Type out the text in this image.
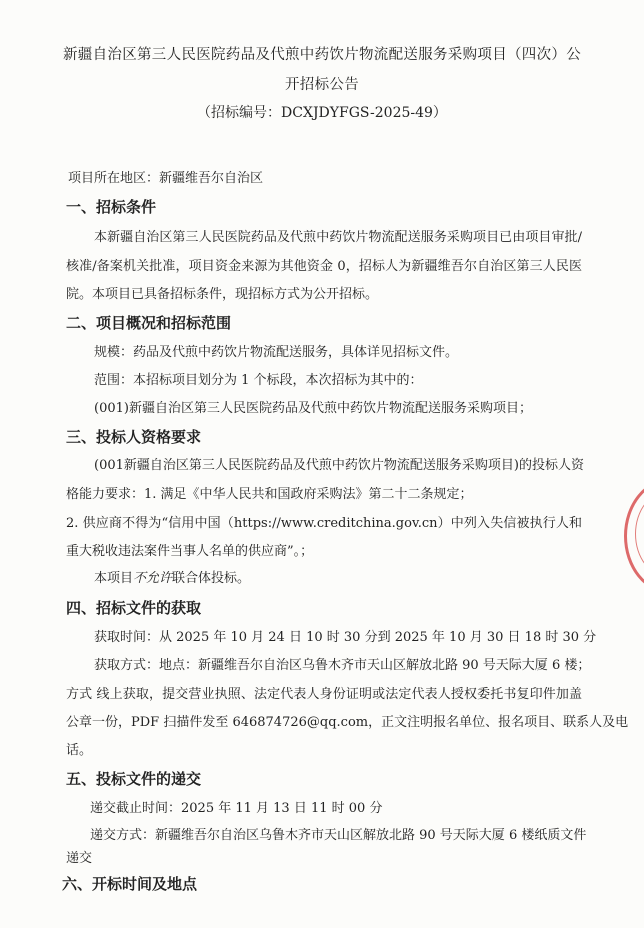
新疆自治区第三人民医院药品及代煎中药饮片物流配送服务采购项目（四次）公
开招标公告
（招标编号：DCXJDYFGS-2025-49）
项目所在地区：新疆维吾尔自治区
一、招标条件
本新疆自治区第三人民医院药品及代煎中药饮片物流配送服务采购项目已由项目审批/
核准/备案机关批准，项目资金来源为其他资金 0，招标人为新疆维吾尔自治区第三人民医
院。本项目已具备招标条件，现招标方式为公开招标。
二、项目概况和招标范围
规模：药品及代煎中药饮片物流配送服务，具体详见招标文件。
范围：本招标项目划分为 1 个标段，本次招标为其中的：
(001)新疆自治区第三人民医院药品及代煎中药饮片物流配送服务采购项目；
三、投标人资格要求
(001新疆自治区第三人民医院药品及代煎中药饮片物流配送服务采购项目)的投标人资
格能力要求：1. 满足《中华人民共和国政府采购法》第二十二条规定；
2. 供应商不得为“信用中国（https://www.creditchina.gov.cn）中列入失信被执行人和
重大税收违法案件当事人名单的供应商”。；
本项目不允许联合体投标。
四、招标文件的获取
获取时间：从 2025 年 10 月 24 日 10 时 30 分到 2025 年 10 月 30 日 18 时 30 分
获取方式：地点：新疆维吾尔自治区乌鲁木齐市天山区解放北路 90 号天际大厦 6 楼；
方式 线上获取，提交营业执照、法定代表人身份证明或法定代表人授权委托书复印件加盖
公章一份，PDF 扫描件发至 646874726@qq.com，正文注明报名单位、报名项目、联系人及电
话。
五、投标文件的递交
递交截止时间：2025 年 11 月 13 日 11 时 00 分
递交方式：新疆维吾尔自治区乌鲁木齐市天山区解放北路 90 号天际大厦 6 楼纸质文件
递交
六、开标时间及地点
